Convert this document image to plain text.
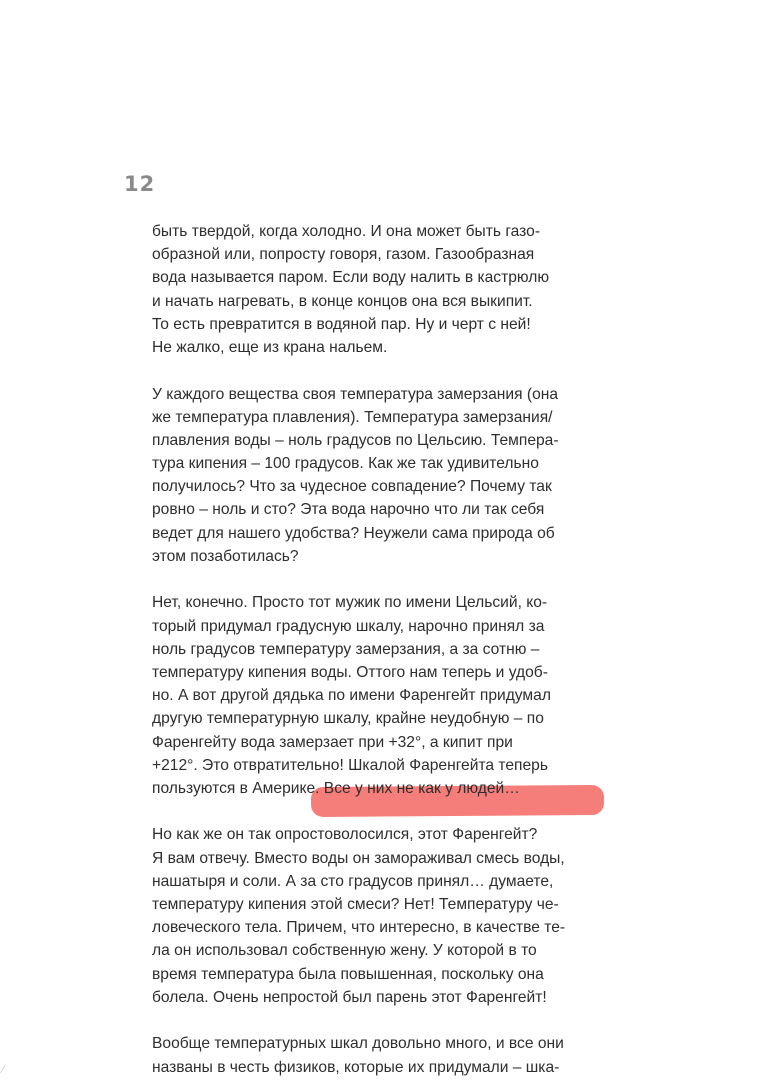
12
быть твердой, когда холодно. И она может быть газо-
образной или, попросту говоря, газом. Газообразная
вода называется паром. Если воду налить в кастрюлю
и начать нагревать, в конце концов она вся выкипит.
То есть превратится в водяной пар. Ну и черт с ней!
Не жалко, еще из крана нальем.
У каждого вещества своя температура замерзания (она
же температура плавления). Температура замерзания/
плавления воды – ноль градусов по Цельсию. Темпера-
тура кипения – 100 градусов. Как же так удивительно
получилось? Что за чудесное совпадение? Почему так
ровно – ноль и сто? Эта вода нарочно что ли так себя
ведет для нашего удобства? Неужели сама природа об
этом позаботилась?
Нет, конечно. Просто тот мужик по имени Цельсий, ко-
торый придумал градусную шкалу, нарочно принял за
ноль градусов температуру замерзания, а за сотню –
температуру кипения воды. Оттого нам теперь и удоб-
но. А вот другой дядька по имени Фаренгейт придумал
другую температурную шкалу, крайне неудобную – по
Фаренгейту вода замерзает при +32°, а кипит при
+212°. Это отвратительно! Шкалой Фаренгейта теперь
пользуются в Америке. Все у них не как у людей…
Но как же он так опростоволосился, этот Фаренгейт?
Я вам отвечу. Вместо воды он замораживал смесь воды,
нашатыря и соли. А за сто градусов принял… думаете,
температуру кипения этой смеси? Нет! Температуру че-
ловеческого тела. Причем, что интересно, в качестве те-
ла он использовал собственную жену. У которой в то
время температура была повышенная, поскольку она
болела. Очень непростой был парень этот Фаренгейт!
Вообще температурных шкал довольно много, и все они
названы в честь физиков, которые их придумали – шка-
⁄
